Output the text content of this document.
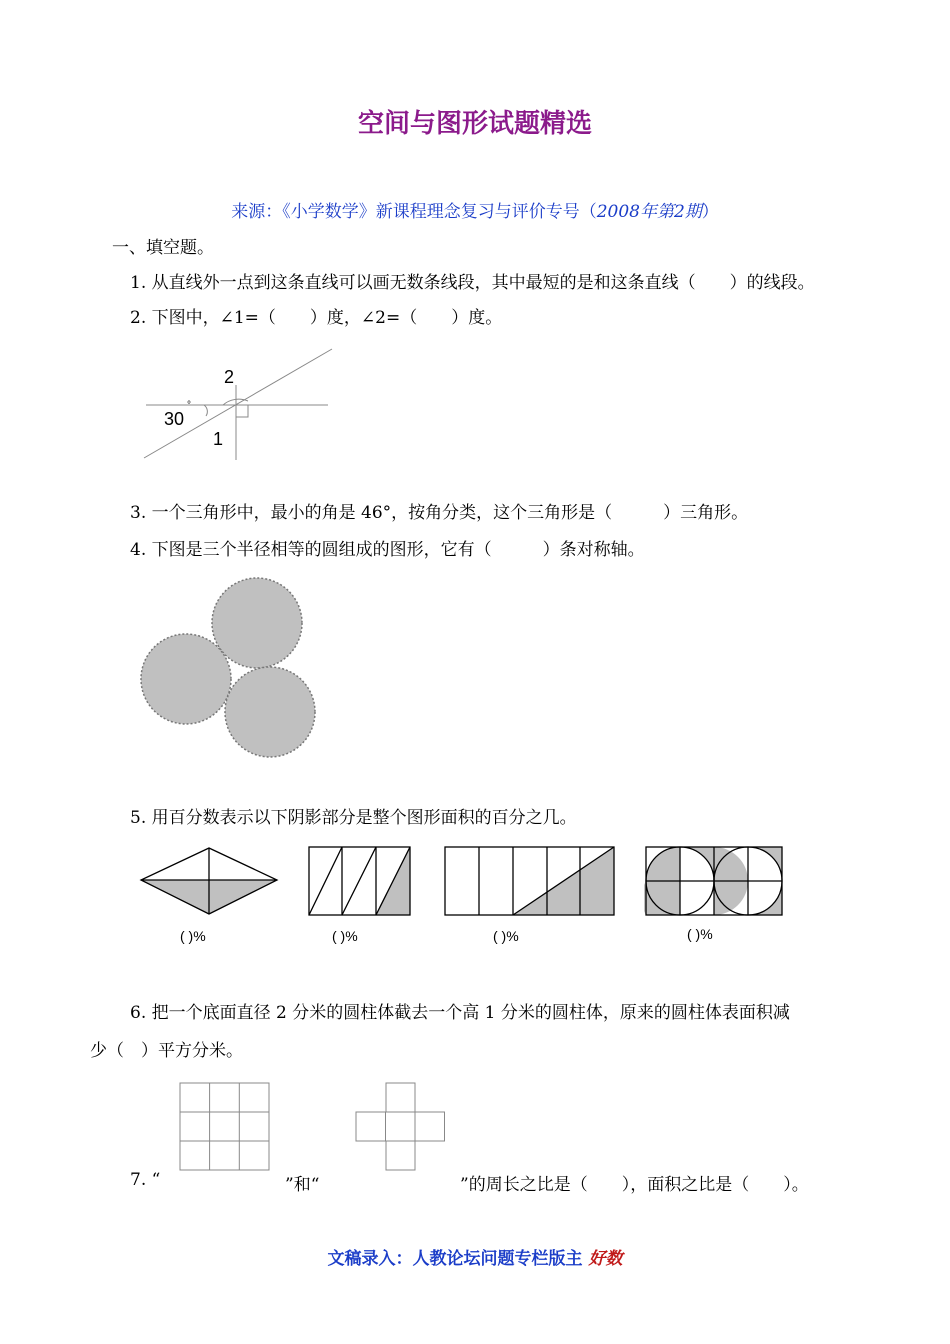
空间与图形试题精选
来源：《小学数学》新课程理念复习与评价专号（2008年第2期）
一、填空题。
1. 从直线外一点到这条直线可以画无数条线段，其中最短的是和这条直线（　　）的线段。
2. 下图中，∠1=（　　）度，∠2=（　　）度。
2
30
°
1
3. 一个三角形中，最小的角是 46°，按角分类，这个三角形是（　　　）三角形。
4. 下图是三个半径相等的圆组成的图形，它有（　　　）条对称轴。
5. 用百分数表示以下阴影部分是整个图形面积的百分之几。
( )%	( )%	( )%	( )%
6. 把一个底面直径 2 分米的圆柱体截去一个高 1 分米的圆柱体，原来的圆柱体表面积减
少（　）平方分米。
7. “	”和“	”的周长之比是（　　），面积之比是（　　）。
文稿录入：人教论坛问题专栏版主 好数
